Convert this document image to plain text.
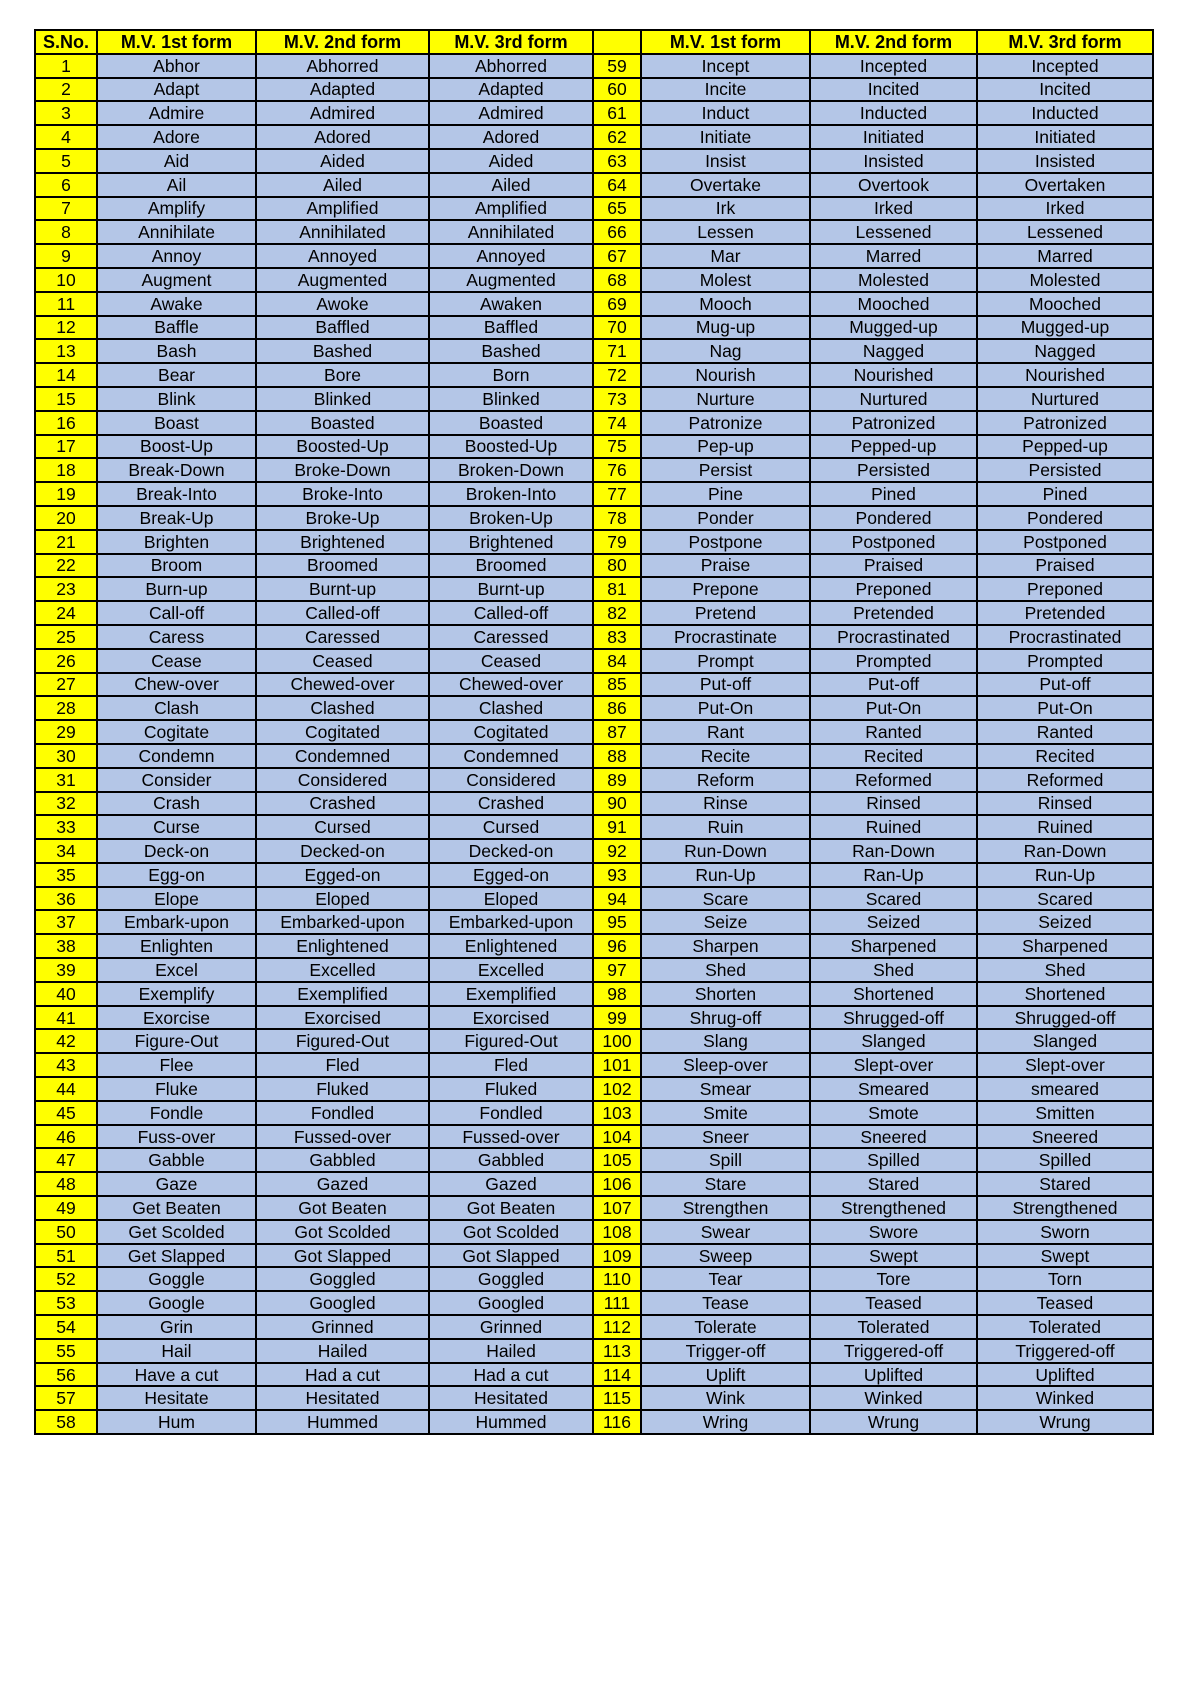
S.No.	M.V. 1st form	M.V. 2nd form	M.V. 3rd form		M.V. 1st form	M.V. 2nd form	M.V. 3rd form
1	Abhor	Abhorred	Abhorred	59	Incept	Incepted	Incepted
2	Adapt	Adapted	Adapted	60	Incite	Incited	Incited
3	Admire	Admired	Admired	61	Induct	Inducted	Inducted
4	Adore	Adored	Adored	62	Initiate	Initiated	Initiated
5	Aid	Aided	Aided	63	Insist	Insisted	Insisted
6	Ail	Ailed	Ailed	64	Overtake	Overtook	Overtaken
7	Amplify	Amplified	Amplified	65	Irk	Irked	Irked
8	Annihilate	Annihilated	Annihilated	66	Lessen	Lessened	Lessened
9	Annoy	Annoyed	Annoyed	67	Mar	Marred	Marred
10	Augment	Augmented	Augmented	68	Molest	Molested	Molested
11	Awake	Awoke	Awaken	69	Mooch	Mooched	Mooched
12	Baffle	Baffled	Baffled	70	Mug-up	Mugged-up	Mugged-up
13	Bash	Bashed	Bashed	71	Nag	Nagged	Nagged
14	Bear	Bore	Born	72	Nourish	Nourished	Nourished
15	Blink	Blinked	Blinked	73	Nurture	Nurtured	Nurtured
16	Boast	Boasted	Boasted	74	Patronize	Patronized	Patronized
17	Boost-Up	Boosted-Up	Boosted-Up	75	Pep-up	Pepped-up	Pepped-up
18	Break-Down	Broke-Down	Broken-Down	76	Persist	Persisted	Persisted
19	Break-Into	Broke-Into	Broken-Into	77	Pine	Pined	Pined
20	Break-Up	Broke-Up	Broken-Up	78	Ponder	Pondered	Pondered
21	Brighten	Brightened	Brightened	79	Postpone	Postponed	Postponed
22	Broom	Broomed	Broomed	80	Praise	Praised	Praised
23	Burn-up	Burnt-up	Burnt-up	81	Prepone	Preponed	Preponed
24	Call-off	Called-off	Called-off	82	Pretend	Pretended	Pretended
25	Caress	Caressed	Caressed	83	Procrastinate	Procrastinated	Procrastinated
26	Cease	Ceased	Ceased	84	Prompt	Prompted	Prompted
27	Chew-over	Chewed-over	Chewed-over	85	Put-off	Put-off	Put-off
28	Clash	Clashed	Clashed	86	Put-On	Put-On	Put-On
29	Cogitate	Cogitated	Cogitated	87	Rant	Ranted	Ranted
30	Condemn	Condemned	Condemned	88	Recite	Recited	Recited
31	Consider	Considered	Considered	89	Reform	Reformed	Reformed
32	Crash	Crashed	Crashed	90	Rinse	Rinsed	Rinsed
33	Curse	Cursed	Cursed	91	Ruin	Ruined	Ruined
34	Deck-on	Decked-on	Decked-on	92	Run-Down	Ran-Down	Ran-Down
35	Egg-on	Egged-on	Egged-on	93	Run-Up	Ran-Up	Run-Up
36	Elope	Eloped	Eloped	94	Scare	Scared	Scared
37	Embark-upon	Embarked-upon	Embarked-upon	95	Seize	Seized	Seized
38	Enlighten	Enlightened	Enlightened	96	Sharpen	Sharpened	Sharpened
39	Excel	Excelled	Excelled	97	Shed	Shed	Shed
40	Exemplify	Exemplified	Exemplified	98	Shorten	Shortened	Shortened
41	Exorcise	Exorcised	Exorcised	99	Shrug-off	Shrugged-off	Shrugged-off
42	Figure-Out	Figured-Out	Figured-Out	100	Slang	Slanged	Slanged
43	Flee	Fled	Fled	101	Sleep-over	Slept-over	Slept-over
44	Fluke	Fluked	Fluked	102	Smear	Smeared	smeared
45	Fondle	Fondled	Fondled	103	Smite	Smote	Smitten
46	Fuss-over	Fussed-over	Fussed-over	104	Sneer	Sneered	Sneered
47	Gabble	Gabbled	Gabbled	105	Spill	Spilled	Spilled
48	Gaze	Gazed	Gazed	106	Stare	Stared	Stared
49	Get Beaten	Got Beaten	Got Beaten	107	Strengthen	Strengthened	Strengthened
50	Get Scolded	Got Scolded	Got Scolded	108	Swear	Swore	Sworn
51	Get Slapped	Got Slapped	Got Slapped	109	Sweep	Swept	Swept
52	Goggle	Goggled	Goggled	110	Tear	Tore	Torn
53	Google	Googled	Googled	111	Tease	Teased	Teased
54	Grin	Grinned	Grinned	112	Tolerate	Tolerated	Tolerated
55	Hail	Hailed	Hailed	113	Trigger-off	Triggered-off	Triggered-off
56	Have a cut	Had a cut	Had a cut	114	Uplift	Uplifted	Uplifted
57	Hesitate	Hesitated	Hesitated	115	Wink	Winked	Winked
58	Hum	Hummed	Hummed	116	Wring	Wrung	Wrung
